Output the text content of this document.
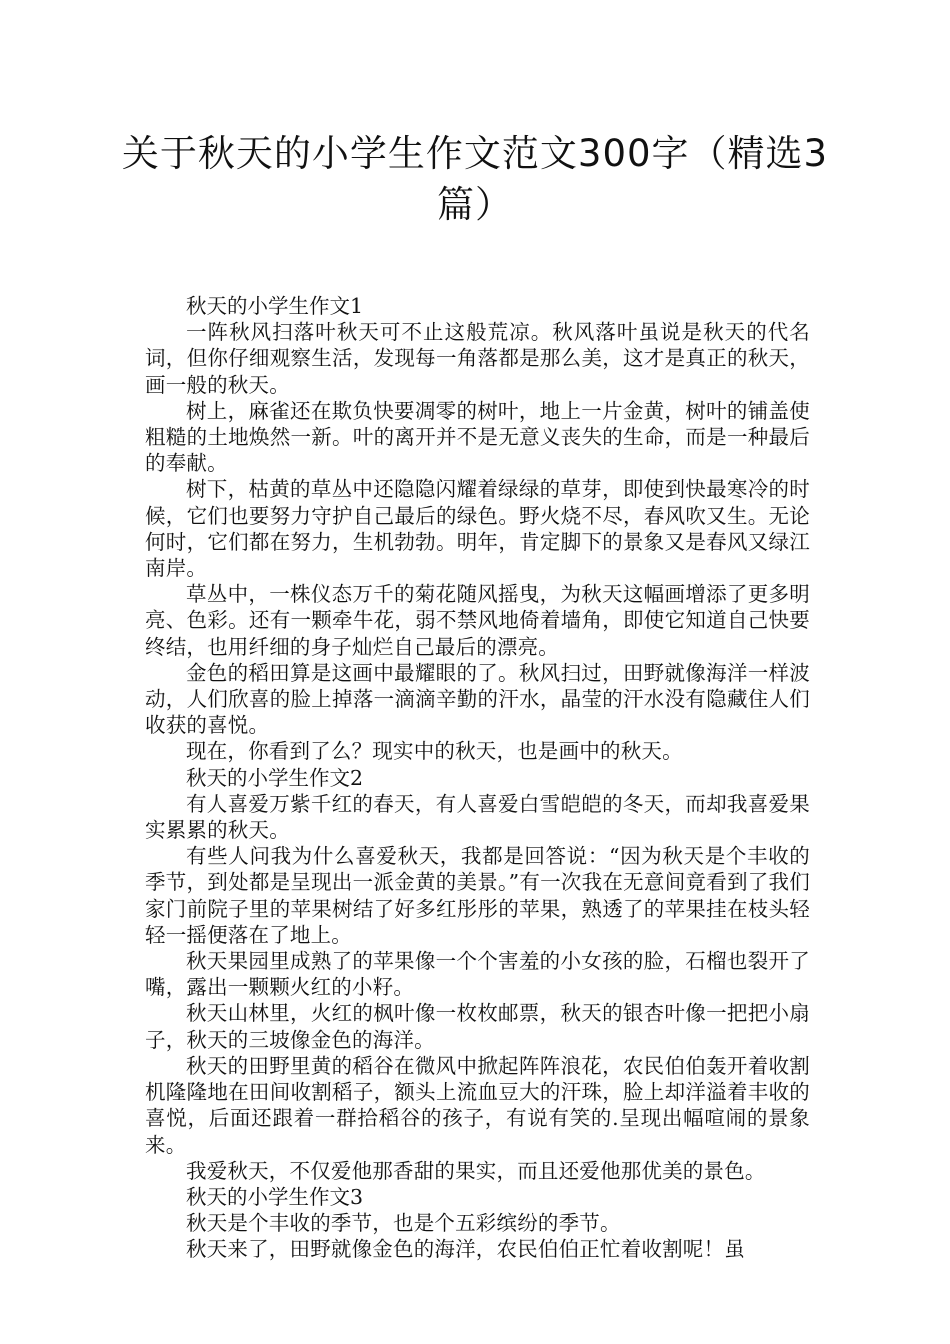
关于秋天的小学生作文范文300字（精选3篇）

秋天的小学生作文1

一阵秋风扫落叶秋天可不止这般荒凉。秋风落叶虽说是秋天的代名词，但你仔细观察生活，发现每一角落都是那么美，这才是真正的秋天，画一般的秋天。

树上，麻雀还在欺负快要凋零的树叶，地上一片金黄，树叶的铺盖使粗糙的土地焕然一新。叶的离开并不是无意义丧失的生命，而是一种最后的奉献。

树下，枯黄的草丛中还隐隐闪耀着绿绿的草芽，即使到快最寒冷的时候，它们也要努力守护自己最后的绿色。野火烧不尽，春风吹又生。无论何时，它们都在努力，生机勃勃。明年，肯定脚下的景象又是春风又绿江南岸。

草丛中，一株仪态万千的菊花随风摇曳，为秋天这幅画增添了更多明亮、色彩。还有一颗牵牛花，弱不禁风地倚着墙角，即使它知道自己快要终结，也用纤细的身子灿烂自己最后的漂亮。

金色的稻田算是这画中最耀眼的了。秋风扫过，田野就像海洋一样波动，人们欣喜的脸上掉落一滴滴辛勤的汗水，晶莹的汗水没有隐藏住人们收获的喜悦。

现在，你看到了么？现实中的秋天，也是画中的秋天。

秋天的小学生作文2

有人喜爱万紫千红的春天，有人喜爱白雪皑皑的冬天，而却我喜爱果实累累的秋天。

有些人问我为什么喜爱秋天，我都是回答说：“因为秋天是个丰收的季节，到处都是呈现出一派金黄的美景。”有一次我在无意间竟看到了我们家门前院子里的苹果树结了好多红彤彤的苹果，熟透了的苹果挂在枝头轻轻一摇便落在了地上。

秋天果园里成熟了的苹果像一个个害羞的小女孩的脸，石榴也裂开了嘴，露出一颗颗火红的小籽。

秋天山林里，火红的枫叶像一枚枚邮票，秋天的银杏叶像一把把小扇子，秋天的三坡像金色的海洋。

秋天的田野里黄的稻谷在微风中掀起阵阵浪花，农民伯伯轰开着收割机隆隆地在田间收割稻子，额头上流血豆大的汗珠，脸上却洋溢着丰收的喜悦，后面还跟着一群拾稻谷的孩子，有说有笑的.呈现出幅喧闹的景象来。

我爱秋天，不仅爱他那香甜的果实，而且还爱他那优美的景色。

秋天的小学生作文3

秋天是个丰收的季节，也是个五彩缤纷的季节。

秋天来了，田野就像金色的海洋，农民伯伯正忙着收割呢！虽
